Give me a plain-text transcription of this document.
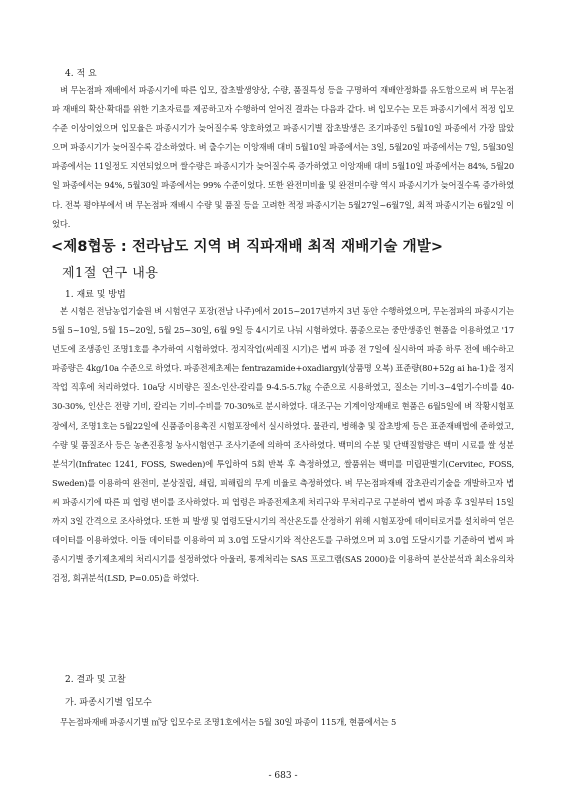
4. 적 요

벼 무논점파 재배에서 파종시기에 따른 입모, 잡초발생양상, 수량, 품질특성 등을 구명하여 재배안정화를 유도함으로써 벼 무논점파 재배의 확산·확대를 위한 기초자료를 제공하고자 수행하여 얻어진 결과는 다음과 같다. 벼 입모수는 모든 파종시기에서 적정 입모수준 이상이었으며 입모율은 파종시기가 늦어질수록 양호하였고 파종시기별 잡초발생은 조기파종인 5월10일 파종에서 가장 많았으며 파종시기가 늦어질수록 감소하였다. 벼 출수기는 이앙재배 대비 5월10일 파종에서는 3일, 5월20일 파종에서는 7일, 5월30일 파종에서는 11일정도 지연되었으며 쌀수량은 파종시기가 늦어질수록 증가하였고 이앙재배 대비 5월10일 파종에서는 84%, 5월20일 파종에서는 94%, 5월30일 파종에서는 99% 수준이었다. 또한 완전미비율 및 완전미수량 역시 파종시기가 늦어질수록 증가하였다. 전북 평야부에서 벼 무논점파 재배시 수량 및 품질 등을 고려한 적정 파종시기는 5월27일~6월7일, 최적 파종시기는 6월2일 이었다.

<제8협동 : 전라남도 지역 벼 직파재배 최적 재배기술 개발>
제1절 연구 내용
1. 재료 및 방법

본 시험은 전남농업기술원 벼 시험연구 포장(전남 나주)에서 2015~2017년까지 3년 동안 수행하였으며, 무논점파의 파종시기는 5월 5~10일, 5월 15~20일, 5월 25~30일, 6월 9일 등 4시기로 나눠 시험하였다. 품종으로는 중만생종인 현품을 이용하였고 '17년도에 조생종인 조명1호를 추가하여 시험하였다. 정지작업(써레질 시기)은 볍씨 파종 전 7일에 실시하여 파종 하루 전에 배수하고 파종량은 4kg/10a 수준으로 하였다. 파종전제초제는 fentrazamide+oxadiargyl(상품명 오복) 표준량(80+52g ai ha-1)을 정지작업 직후에 처리하였다. 10a당 시비량은 질소-인산-칼리를 9-4.5-5.7㎏ 수준으로 시용하였고, 질소는 기비-3~4엽기-수비를 40-30-30%, 인산은 전량 기비, 칼리는 기비-수비를 70-30%로 분시하였다. 대조구는 기계이앙재배로 현품은 6월5일에 벼 작황시험포장에서, 조명1호는 5월22일에 신품종이용촉진 시험포장에서 실시하였다. 물관리, 병해충 및 잡초방제 등은 표준재배법에 준하였고, 수량 및 품질조사 등은 농촌진흥청 농사시험연구 조사기준에 의하여 조사하였다. 백미의 수분 및 단백질함량은 백미 시료를 쌀 성분분석기(Infratec 1241, FOSS, Sweden)에 투입하여 5회 반복 후 측정하였고, 쌀품위는 백미를 미립판별기(Cervitec, FOSS, Sweden)를 이용하여 완전미, 분상질립, 쇄립, 피해립의 무게 비율로 측정하였다. 벼 무논점파재배 잡초관리기술을 개발하고자 볍씨 파종시기에 따른 피 엽령 변이를 조사하였다. 피 엽령은 파종전제초제 처리구와 무처리구로 구분하여 볍씨 파종 후 3일부터 15일까지 3일 간격으로 조사하였다. 또한 피 발생 및 엽령도달시기의 적산온도를 산정하기 위해 시험포장에 데이터로거를 설치하여 얻은 데이터를 이용하였다. 이들 데이터를 이용하여 피 3.0엽 도달시기와 적산온도를 구하였으며 피 3.0엽 도달시기를 기준하여 볍씨 파종시기별 중기제초제의 처리시기를 설정하였다 아울러, 통계처리는 SAS 프로그램(SAS 2000)을 이용하여 분산분석과 최소유의차 검정, 회귀분석(LSD, P=0.05)을 하였다.

2. 결과 및 고찰
가. 파종시기별 입모수

무논점파재배 파종시기별 ㎡당 입모수로 조명1호에서는 5월 30일 파종이 115개, 현품에서는 5

- 683 -
